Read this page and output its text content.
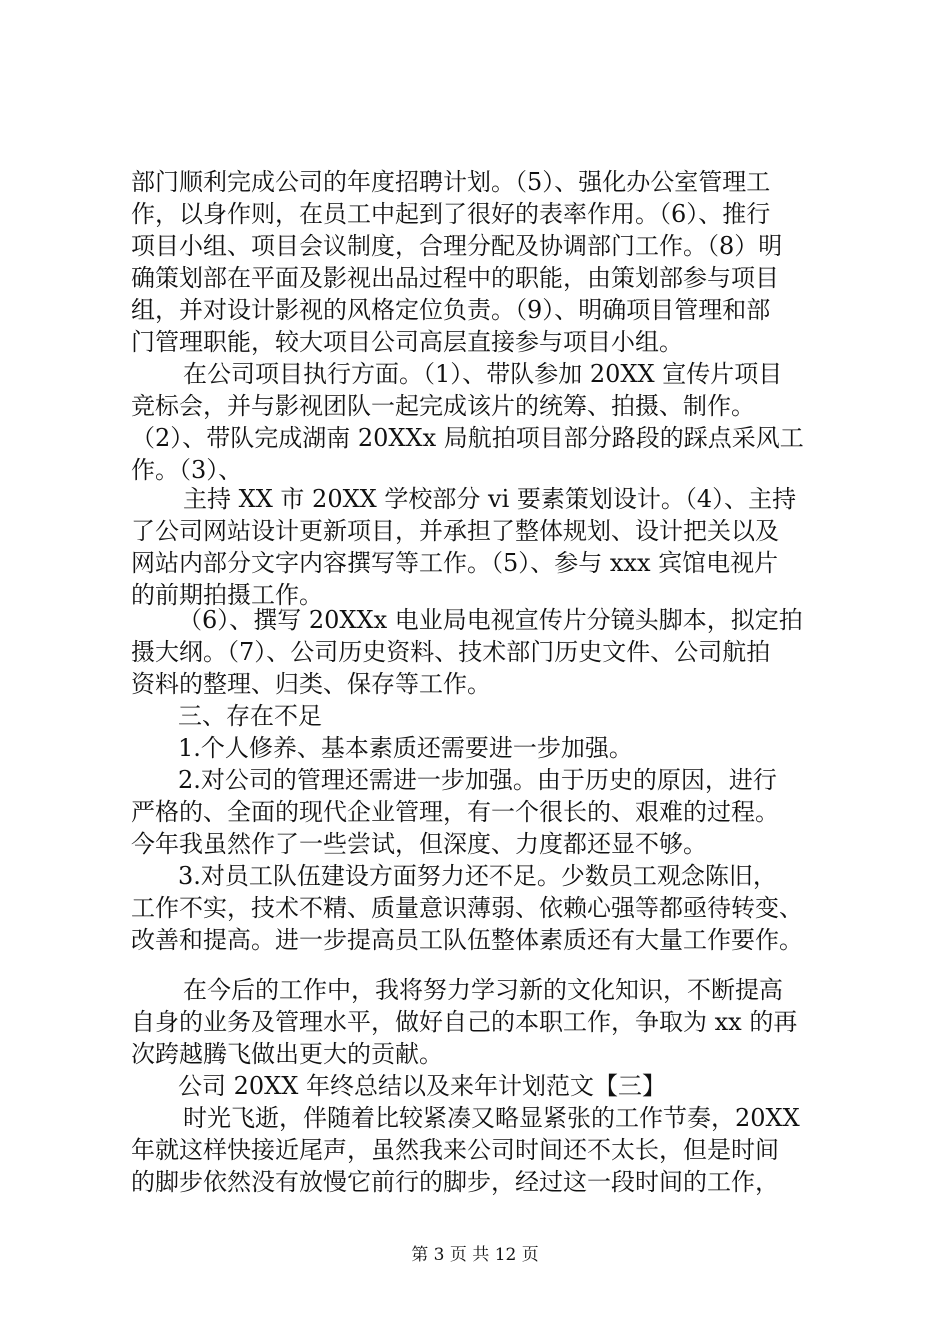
部门顺利完成公司的年度招聘计划。（5）、强化办公室管理工
作，以身作则，在员工中起到了很好的表率作用。（6）、推行
项目小组、项目会议制度，合理分配及协调部门工作。（8）明
确策划部在平面及影视出品过程中的职能，由策划部参与项目
组，并对设计影视的风格定位负责。（9）、明确项目管理和部
门管理职能，较大项目公司高层直接参与项目小组。
在公司项目执行方面。（1）、带队参加 20XX 宣传片项目
竞标会，并与影视团队一起完成该片的统筹、拍摄、制作。
（2）、带队完成湖南 20XXx 局航拍项目部分路段的踩点采风工
作。（3）、
主持 XX 市 20XX 学校部分 vi 要素策划设计。（4）、主持
了公司网站设计更新项目，并承担了整体规划、设计把关以及
网站内部分文字内容撰写等工作。（5）、参与 xxx 宾馆电视片
的前期拍摄工作。
（6）、撰写 20XXx 电业局电视宣传片分镜头脚本，拟定拍
摄大纲。（7）、公司历史资料、技术部门历史文件、公司航拍
资料的整理、归类、保存等工作。
三、存在不足
1.个人修养、基本素质还需要进一步加强。
2.对公司的管理还需进一步加强。由于历史的原因，进行
严格的、全面的现代企业管理，有一个很长的、艰难的过程。
今年我虽然作了一些尝试，但深度、力度都还显不够。
3.对员工队伍建设方面努力还不足。少数员工观念陈旧，
工作不实，技术不精、质量意识薄弱、依赖心强等都亟待转变、
改善和提高。进一步提高员工队伍整体素质还有大量工作要作。
在今后的工作中，我将努力学习新的文化知识，不断提高
自身的业务及管理水平，做好自己的本职工作，争取为 xx 的再
次跨越腾飞做出更大的贡献。
公司 20XX 年终总结以及来年计划范文【三】
时光飞逝，伴随着比较紧凑又略显紧张的工作节奏，20XX
年就这样快接近尾声，虽然我来公司时间还不太长，但是时间
的脚步依然没有放慢它前行的脚步，经过这一段时间的工作，
第 3 页 共 12 页
